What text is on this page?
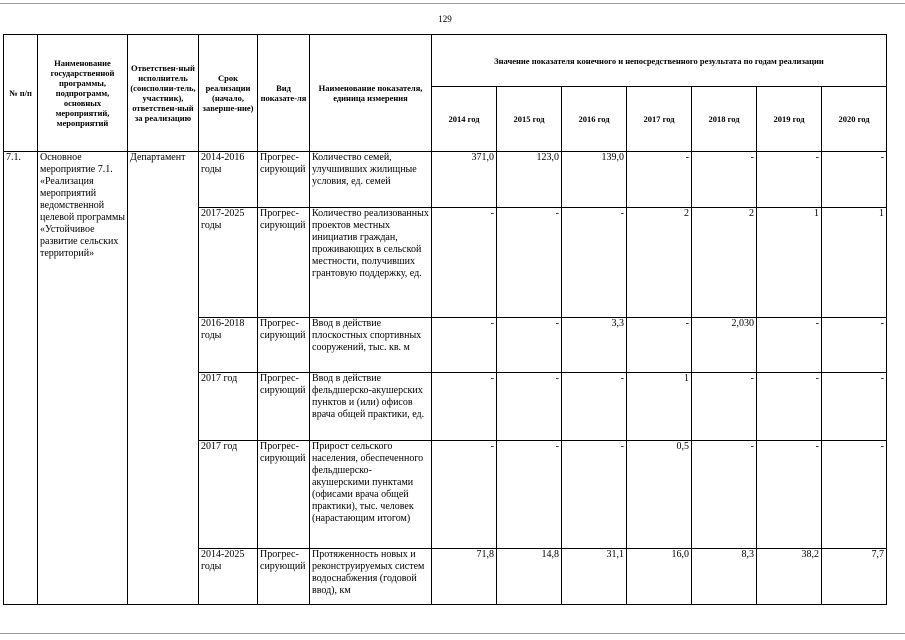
129
№ п/п	Наименование государственной программы, подпрограмм, основных мероприятий, мероприятий	Ответствен-ный исполнитель (соисполни-тель, участник), ответствен-ный за реализацию	Срок реализации (начало, заверше-ние)	Вид показате-ля	Наименование показателя, единица измерения	Значение показателя конечного и непосредственного результата по годам реализации						
						2014 год	2015 год	2016 год	2017 год	2018 год	2019 год	2020 год
7.1.	Основное мероприятие 7.1. «Реализация мероприятий ведомственной целевой программы «Устойчивое развитие сельских территорий»	Департамент	2014-2016 годы	Прогрес-сирующий	Количество семей, улучшивших жилищные условия, ед. семей	371,0	123,0	139,0	-	-	-	-
			2017-2025 годы	Прогрес-сирующий	Количество реализованных проектов местных инициатив граждан, проживающих в сельской местности, получивших грантовую поддержку, ед.	-	-	-	2	2	1	1
			2016-2018 годы	Прогрес-сирующий	Ввод в действие плоскостных спортивных сооружений, тыс. кв. м	-	-	3,3	-	2,030	-	-
			2017 год	Прогрес-сирующий	Ввод в действие фельдшерско-акушерских пунктов и (или) офисов врача общей практики, ед.	-	-	-	1	-	-	-
			2017 год	Прогрес-сирующий	Прирост сельского населения, обеспеченного фельдшерско-акушерскими пунктами (офисами врача общей практики), тыс. человек (нарастающим итогом)	-	-	-	0,5	-	-	-
			2014-2025 годы	Прогрес-сирующий	Протяженность новых и реконструируемых систем водоснабжения (годовой ввод), км	71,8	14,8	31,1	16,0	8,3	38,2	7,7
